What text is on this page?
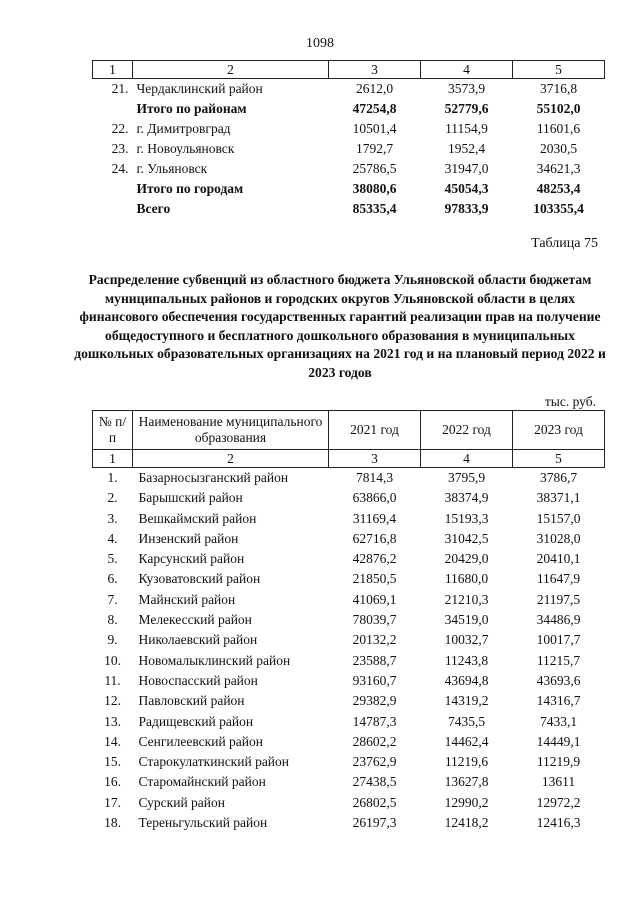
1098
1	2	3	4	5
21.	Чердаклинский район	2612,0	3573,9	3716,8
	Итого по районам	47254,8	52779,6	55102,0
22.	г. Димитровград	10501,4	11154,9	11601,6
23.	г. Новоульяновск	1792,7	1952,4	2030,5
24.	г. Ульяновск	25786,5	31947,0	34621,3
	Итого по городам	38080,6	45054,3	48253,4
	Всего	85335,4	97833,9	103355,4
Таблица 75
Распределение субвенций из областного бюджета Ульяновской области бюджетам муниципальных районов и городских округов Ульяновской области в целях финансового обеспечения государственных гарантий реализации прав на получение общедоступного и бесплатного дошкольного образования в муниципальных дошкольных образовательных организациях на 2021 год и на плановый период 2022 и 2023 годов
тыс. руб.
№ п/п	Наименование муниципального образования	2021 год	2022 год	2023 год
1	2	3	4	5
1.	Базарносызганский район	7814,3	3795,9	3786,7
2.	Барышский район	63866,0	38374,9	38371,1
3.	Вешкаймский район	31169,4	15193,3	15157,0
4.	Инзенский район	62716,8	31042,5	31028,0
5.	Карсунский район	42876,2	20429,0	20410,1
6.	Кузоватовский район	21850,5	11680,0	11647,9
7.	Майнский район	41069,1	21210,3	21197,5
8.	Мелекесский район	78039,7	34519,0	34486,9
9.	Николаевский район	20132,2	10032,7	10017,7
10.	Новомалыклинский район	23588,7	11243,8	11215,7
11.	Новоспасский район	93160,7	43694,8	43693,6
12.	Павловский район	29382,9	14319,2	14316,7
13.	Радищевский район	14787,3	7435,5	7433,1
14.	Сенгилеевский район	28602,2	14462,4	14449,1
15.	Старокулаткинский район	23762,9	11219,6	11219,9
16.	Старомайнский район	27438,5	13627,8	13611
17.	Сурский район	26802,5	12990,2	12972,2
18.	Тереньгульский район	26197,3	12418,2	12416,3
